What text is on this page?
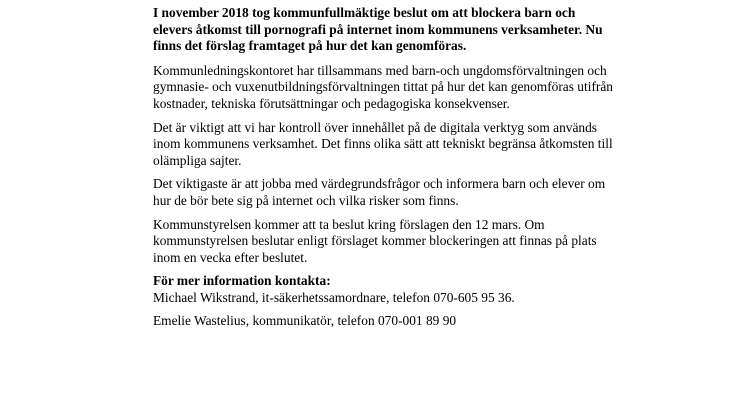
I november 2018 tog kommunfullmäktige beslut om att blockera barn och elevers åtkomst till pornografi på internet inom kommunens verksamheter. Nu finns det förslag framtaget på hur det kan genomföras.

Kommunledningskontoret har tillsammans med barn-och ungdomsförvaltningen och gymnasie- och vuxenutbildningsförvaltningen tittat på hur det kan genomföras utifrån kostnader, tekniska förutsättningar och pedagogiska konsekvenser.

Det är viktigt att vi har kontroll över innehållet på de digitala verktyg som används inom kommunens verksamhet. Det finns olika sätt att tekniskt begränsa åtkomsten till olämpliga sajter.

Det viktigaste är att jobba med värdegrundsfrågor och informera barn och elever om hur de bör bete sig på internet och vilka risker som finns.

Kommunstyrelsen kommer att ta beslut kring förslagen den 12 mars. Om kommunstyrelsen beslutar enligt förslaget kommer blockeringen att finnas på plats inom en vecka efter beslutet.

För mer information kontakta:
Michael Wikstrand, it-säkerhetssamordnare, telefon 070-605 95 36.

Emelie Wastelius, kommunikatör, telefon 070-001 89 90
